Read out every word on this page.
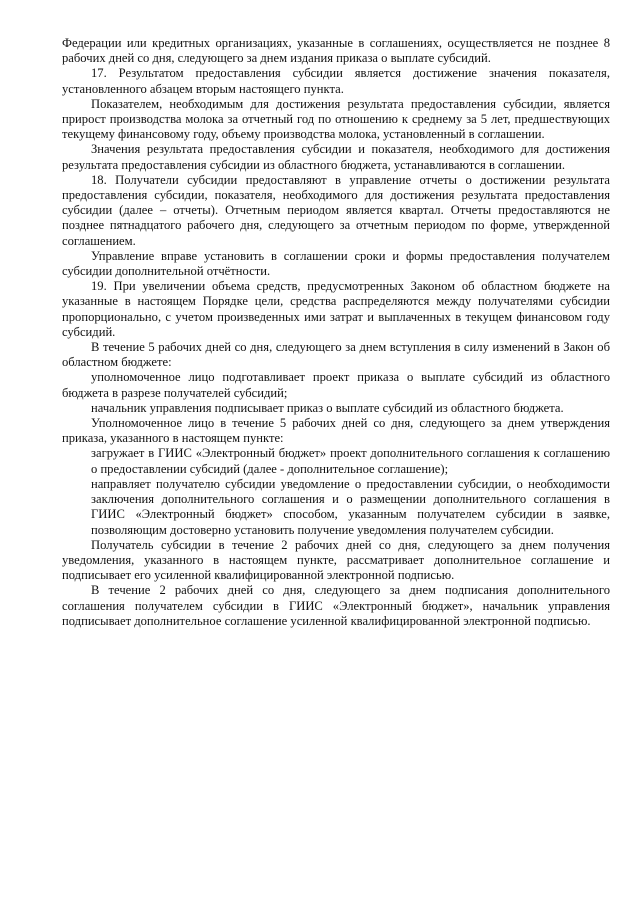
Федерации или кредитных организациях, указанные в соглашениях, осуществляется не позднее 8 рабочих дней со дня, следующего за днем издания приказа о выплате субсидий.

17. Результатом предоставления субсидии является достижение значения показателя, установленного абзацем вторым настоящего пункта.

Показателем, необходимым для достижения результата предоставления субсидии, является прирост производства молока за отчетный год по отношению к среднему за 5 лет, предшествующих текущему финансовому году, объему производства молока, установленный в соглашении.

Значения результата предоставления субсидии и показателя, необходимого для достижения результата предоставления субсидии из областного бюджета, устанавливаются в соглашении.

18. Получатели субсидии предоставляют в управление отчеты о достижении результата предоставления субсидии, показателя, необходимого для достижения результата предоставления субсидии (далее – отчеты). Отчетным периодом является квартал. Отчеты предоставляются не позднее пятнадцатого рабочего дня, следующего за отчетным периодом по форме, утвержденной соглашением.

Управление вправе установить в соглашении сроки и формы предоставления получателем субсидии дополнительной отчётности.

19. При увеличении объема средств, предусмотренных Законом об областном бюджете на указанные в настоящем Порядке цели, средства распределяются между получателями субсидии пропорционально, с учетом произведенных ими затрат и выплаченных в текущем финансовом году субсидий.

В течение 5 рабочих дней со дня, следующего за днем вступления в силу изменений в Закон об областном бюджете:

уполномоченное лицо подготавливает проект приказа о выплате субсидий из областного бюджета в разрезе получателей субсидий;

начальник управления подписывает приказ о выплате субсидий из областного бюджета.

Уполномоченное лицо в течение 5 рабочих дней со дня, следующего за днем утверждения приказа, указанного в настоящем пункте:

загружает в ГИИС «Электронный бюджет» проект дополнительного соглашения к соглашению о предоставлении субсидий (далее - дополнительное соглашение);

направляет получателю субсидии уведомление о предоставлении субсидии, о необходимости заключения дополнительного соглашения и о размещении дополнительного соглашения в ГИИС «Электронный бюджет» способом, указанным получателем субсидии в заявке, позволяющим достоверно установить получение уведомления получателем субсидии.

Получатель субсидии в течение 2 рабочих дней со дня, следующего за днем получения уведомления, указанного в настоящем пункте, рассматривает дополнительное соглашение и подписывает его усиленной квалифицированной электронной подписью.

В течение 2 рабочих дней со дня, следующего за днем подписания дополнительного соглашения получателем субсидии в ГИИС «Электронный бюджет», начальник управления подписывает дополнительное соглашение усиленной квалифицированной электронной подписью.
